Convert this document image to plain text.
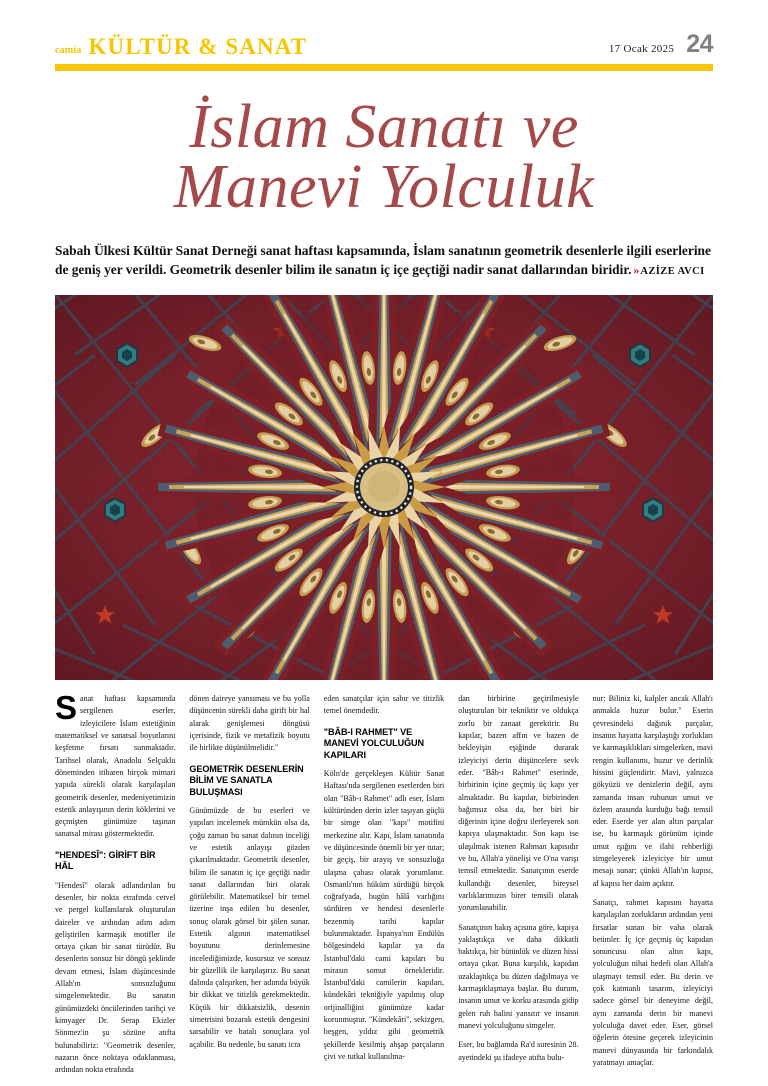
camia KÜLTÜR & SANAT	17 Ocak 2025 24
İslam Sanatı ve
Manevi Yolculuk
Sabah Ülkesi Kültür Sanat Derneği sanat haftası kapsamında, İslam sanatının geometrik desenlerle ilgili eserlerine de geniş yer verildi. Geometrik desenler bilim ile sanatın iç içe geçtiği nadir sanat dallarından biridir. »AZİZE AVCI

Sanat haftası kapsamında sergilenen eserler, izleyicilere İslam estetiğinin matematiksel ve sanatsal boyutlarını keşfetme fırsatı sunmaktadır. Tarihsel olarak, Anadolu Selçuklu döneminden itibaren birçok mimari yapıda sürekli olarak karşılaşılan geometrik desenler, medeniyetimizin estetik anlayışının derin köklerini ve geçmişten günümüze taşınan sanatsal mirası göstermektedir.

"HENDESÎ": GİRİFT BİR HÂL

"Hendesî" olarak adlandırılan bu desenler, bir nokta etrafında cetvel ve pergel kullanılarak oluşturulan daireler ve ardından adım adım geliştirilen karmaşık motifler ile ortaya çıkan bir sanat türüdür. Bu desenlerin sonsuz bir döngü şeklinde devam etmesi, İslam düşüncesinde Allah'ın sonsuzluğunu simgelemektedir. Bu sanatın günümüzdeki öncülerinden tarihçi ve kimyager Dr. Serap Ekizler Sönmez'in şu sözüne atıfta bulunabiliriz: "Geometrik desenler, nazarın önce noktaya odaklanması, ardından nokta etrafında

dönen daireye yansıması ve bu yolla düşüncenin sürekli daha girift bir hal alarak genişlemesi döngüsü içerisinde, fizik ve metafizik boyutu ile birlikte düşünülmelidir."

GEOMETRİK DESENLERİN BİLİM VE SANATLA BULUŞMASI

Günümüzde de bu eserleri ve yapıları incelemek mümkün olsa da, çoğu zaman bu sanat dalının inceliği ve estetik anlayışı gözden çıkarılmaktadır. Geometrik desenler, bilim ile sanatın iç içe geçtiği nadir sanat dallarından biri olarak görülebilir. Matematiksel bir temel üzerine inşa edilen bu desenler, sonuç olarak görsel bir şölen sunar. Estetik algının matematiksel boyutunu derinlemesine incelediğimizde, kusursuz ve sonsuz bir güzellik ile karşılaşırız. Bu sanat dalında çalışırken, her adımda büyük bir dikkat ve titizlik gerekmektedir. Küçük bir dikkatsizlik, desenin simetrisini bozarak estetik dengesini sarsabilir ve hatalı sonuçlara yol açabilir. Bu nedenle, bu sanatı icra

eden sanatçılar için sabır ve titizlik temel önemdedir.

"BÂB-I RAHMET" VE MANEVİ YOLCULUĞUN KAPILARI

Köln'de gerçekleşen Kültür Sanat Haftası'nda sergilenen eserlerden biri olan "Bâb-ı Rahmet" adlı eser, İslam kültüründen derin izler taşıyan güçlü bir simge olan "kapı" motifini merkezine alır. Kapı, İslam sanatında ve düşüncesinde önemli bir yer tutar; bir geçiş, bir arayış ve sonsuzluğa ulaşma çabası olarak yorumlanır. Osmanlı'nın hüküm sürdüğü birçok coğrafyada, bugün hâlâ varlığını sürdüren ve hendesi desenlerle bezenmiş tarihi kapılar bulunmaktadır. İspanya'nın Endülüs bölgesindeki kapılar ya da İstanbul'daki cami kapıları bu mirasın somut örnekleridir. İstanbul'daki camilerin kapıları, kündekâri tekniğiyle yapılmış olup orijinalliğini günümüze kadar korunmuştur. "Kündekâri", sekizgen, beşgen, yıldız gibi geometrik şekillerde kesilmiş ahşap parçaların çivi ve tutkal kullanılma-

dan birbirine geçirilmesiyle oluşturulan bir tekniktir ve oldukça zorlu bir zanaat gerektirir. Bu kapılar, bazen affın ve bazen de bekleyişin eşiğinde durarak izleyiciyi derin düşüncelere sevk eder. "Bâb-ı Rahmet" eserinde, birbirinin içine geçmiş üç kapı yer almaktadır. Bu kapılar, birbirinden bağımsız olsa da, her biri bir diğerinin içine doğru ilerleyerek son kapıya ulaşmaktadır. Son kapı ise ulaşılmak istenen Rahman kapısıdır ve bu, Allah'a yönelişi ve O'na varışı temsil etmektedir. Sanatçının eserde kullandığı desenler, bireysel varlıklarımızın birer temsili olarak yorumlanabilir.

Sanatçının bakış açısına göre, kapıya yaklaştıkça ve daha dikkatli baktıkça, bir bütünlük ve düzen hissi ortaya çıkar. Buna karşılık, kapıdan uzaklaştıkça bu düzen dağılmaya ve karmaşıklaşmaya başlar. Bu durum, insanın umut ve korku arasında gidip gelen ruh halini yansıtır ve insanın manevi yolculuğunu simgeler.

Eser, bu bağlamda Ra'd suresinin 28. ayetindeki şu ifadeye atıfta bulu-

nur: Biliniz ki, kalpler ancak Allah'ı anmakla huzur bulur." Eserin çevresindeki dağınık parçalar, insanın hayatta karşılaştığı zorlukları ve karmaşıklıkları simgelerken, mavi rengin kullanımı, huzur ve derinlik hissini güçlendirir. Mavi, yalnızca gökyüzü ve denizlerin değil, aynı zamanda insan ruhunun umut ve özlem arasında kurduğu bağı temsil eder. Eserde yer alan altın parçalar ise, bu karmaşık görünüm içinde umut ışığını ve ilahi rehberliği simgeleyerek izleyiciye bir umut mesajı sunar; çünkü Allah'ın kapısı, af kapısı her daim açıktır.

Sanatçı, rahmet kapısını hayatta karşılaşılan zorlukların ardından yeni fırsatlar sunan bir vaha olarak betimler. İç içe geçmiş üç kapıdan sonuncusu olan altın kapı, yolculuğun nihai hedefi olan Allah'a ulaşmayı temsil eder. Bu derin ve çok katmanlı tasarım, izleyiciyi sadece görsel bir deneyime değil, aynı zamanda derin bir manevi yolculuğa davet eder. Eser, görsel öğelerin ötesine geçerek izleyicinin manevi dünyasında bir farkındalık yaratmayı amaçlar.
